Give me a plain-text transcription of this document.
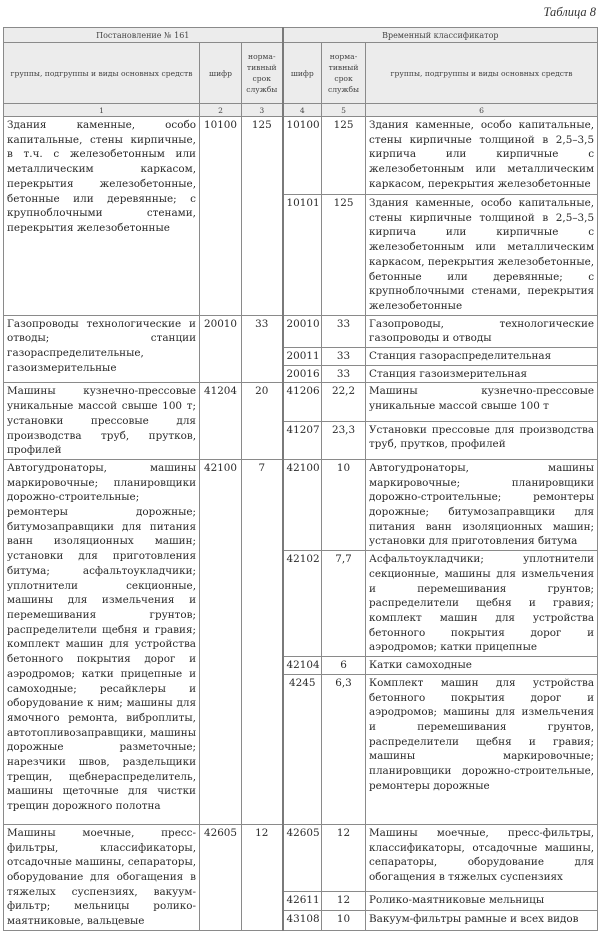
Таблица 8
Постановление № 161			Временный классификатор		
группы, подгруппы и виды основных средств	шифр	норма-тивный срок службы	шифр	норма-тивный срок службы	группы, подгруппы и виды основных средств
1	2	3	4	5	6
Здания каменные, особо капитальные, стены кирпичные, в т.ч. с железобетонным или металлическим каркасом, перекрытия железобетонные, бетонные или деревянные; с крупноблочными стенами, перекрытия железобетонные	10100	125	10100	125	Здания каменные, особо капитальные, стены кирпичные толщиной в 2,5–3,5 кирпича или кирпичные с железобетонным или металлическим каркасом, перекрытия железобетонные
			10101	125	Здания каменные, особо капитальные, стены кирпичные толщиной в 2,5–3,5 кирпича или кирпичные с железобетонным или металлическим каркасом, перекрытия железобетонные, бетонные или деревянные; с крупноблочными стенами, перекрытия железобетонные
Газопроводы технологические и отводы; станции газораспределительные, газоизмерительные	20010	33	20010	33	Газопроводы, технологические газопроводы и отводы
			20011	33	Станция газораспределительная
			20016	33	Станция газоизмерительная
Машины кузнечно-прессовые уникальные массой свыше 100 т; установки прессовые для производства труб, прутков, профилей	41204	20	41206	22,2	Машины кузнечно-прессовые уникальные массой свыше 100 т
			41207	23,3	Установки прессовые для производства труб, прутков, профилей
Автогудронаторы, машины маркировочные; планировщики дорожно-строительные; ремонтеры дорожные; битумозаправщики для питания ванн изоляционных машин; установки для приготовления битума; асфальтоукладчики; уплотнители секционные, машины для измельчения и перемешивания грунтов; распределители щебня и гравия; комплект машин для устройства бетонного покрытия дорог и аэродромов; катки прицепные и самоходные; ресайклеры и оборудование к ним; машины для ямочного ремонта, виброплиты, автотопливозаправщики, машины дорожные разметочные; нарезчики швов, раздельщики трещин, щебнераспределитель, машины щеточные для чистки трещин дорожного полотна	42100	7	42100	10	Автогудронаторы, машины маркировочные; планировщики дорожно-строительные; ремонтеры дорожные; битумозаправщики для питания ванн изоляционных машин; установки для приготовления битума
			42102	7,7	Асфальтоукладчики; уплотнители секционные, машины для измельчения и перемешивания грунтов; распределители щебня и гравия; комплект машин для устройства бетонного покрытия дорог и аэродромов; катки прицепные
			42104	6	Катки самоходные
			4245	6,3	Комплект машин для устройства бетонного покрытия дорог и аэродромов; машины для измельчения и перемешивания грунтов, распределители щебня и гравия; машины маркировочные; планировщики дорожно-строительные, ремонтеры дорожные
Машины моечные, пресс-фильтры, классификаторы, отсадочные машины, сепараторы, оборудование для обогащения в тяжелых суспензиях, вакуум-фильтр; мельницы ролико-маятниковые, вальцевые	42605	12	42605	12	Машины моечные, пресс-фильтры, классификаторы, отсадочные машины, сепараторы, оборудование для обогащения в тяжелых суспензиях
			42611	12	Ролико-маятниковые мельницы
			43108	10	Вакуум-фильтры рамные и всех видов
